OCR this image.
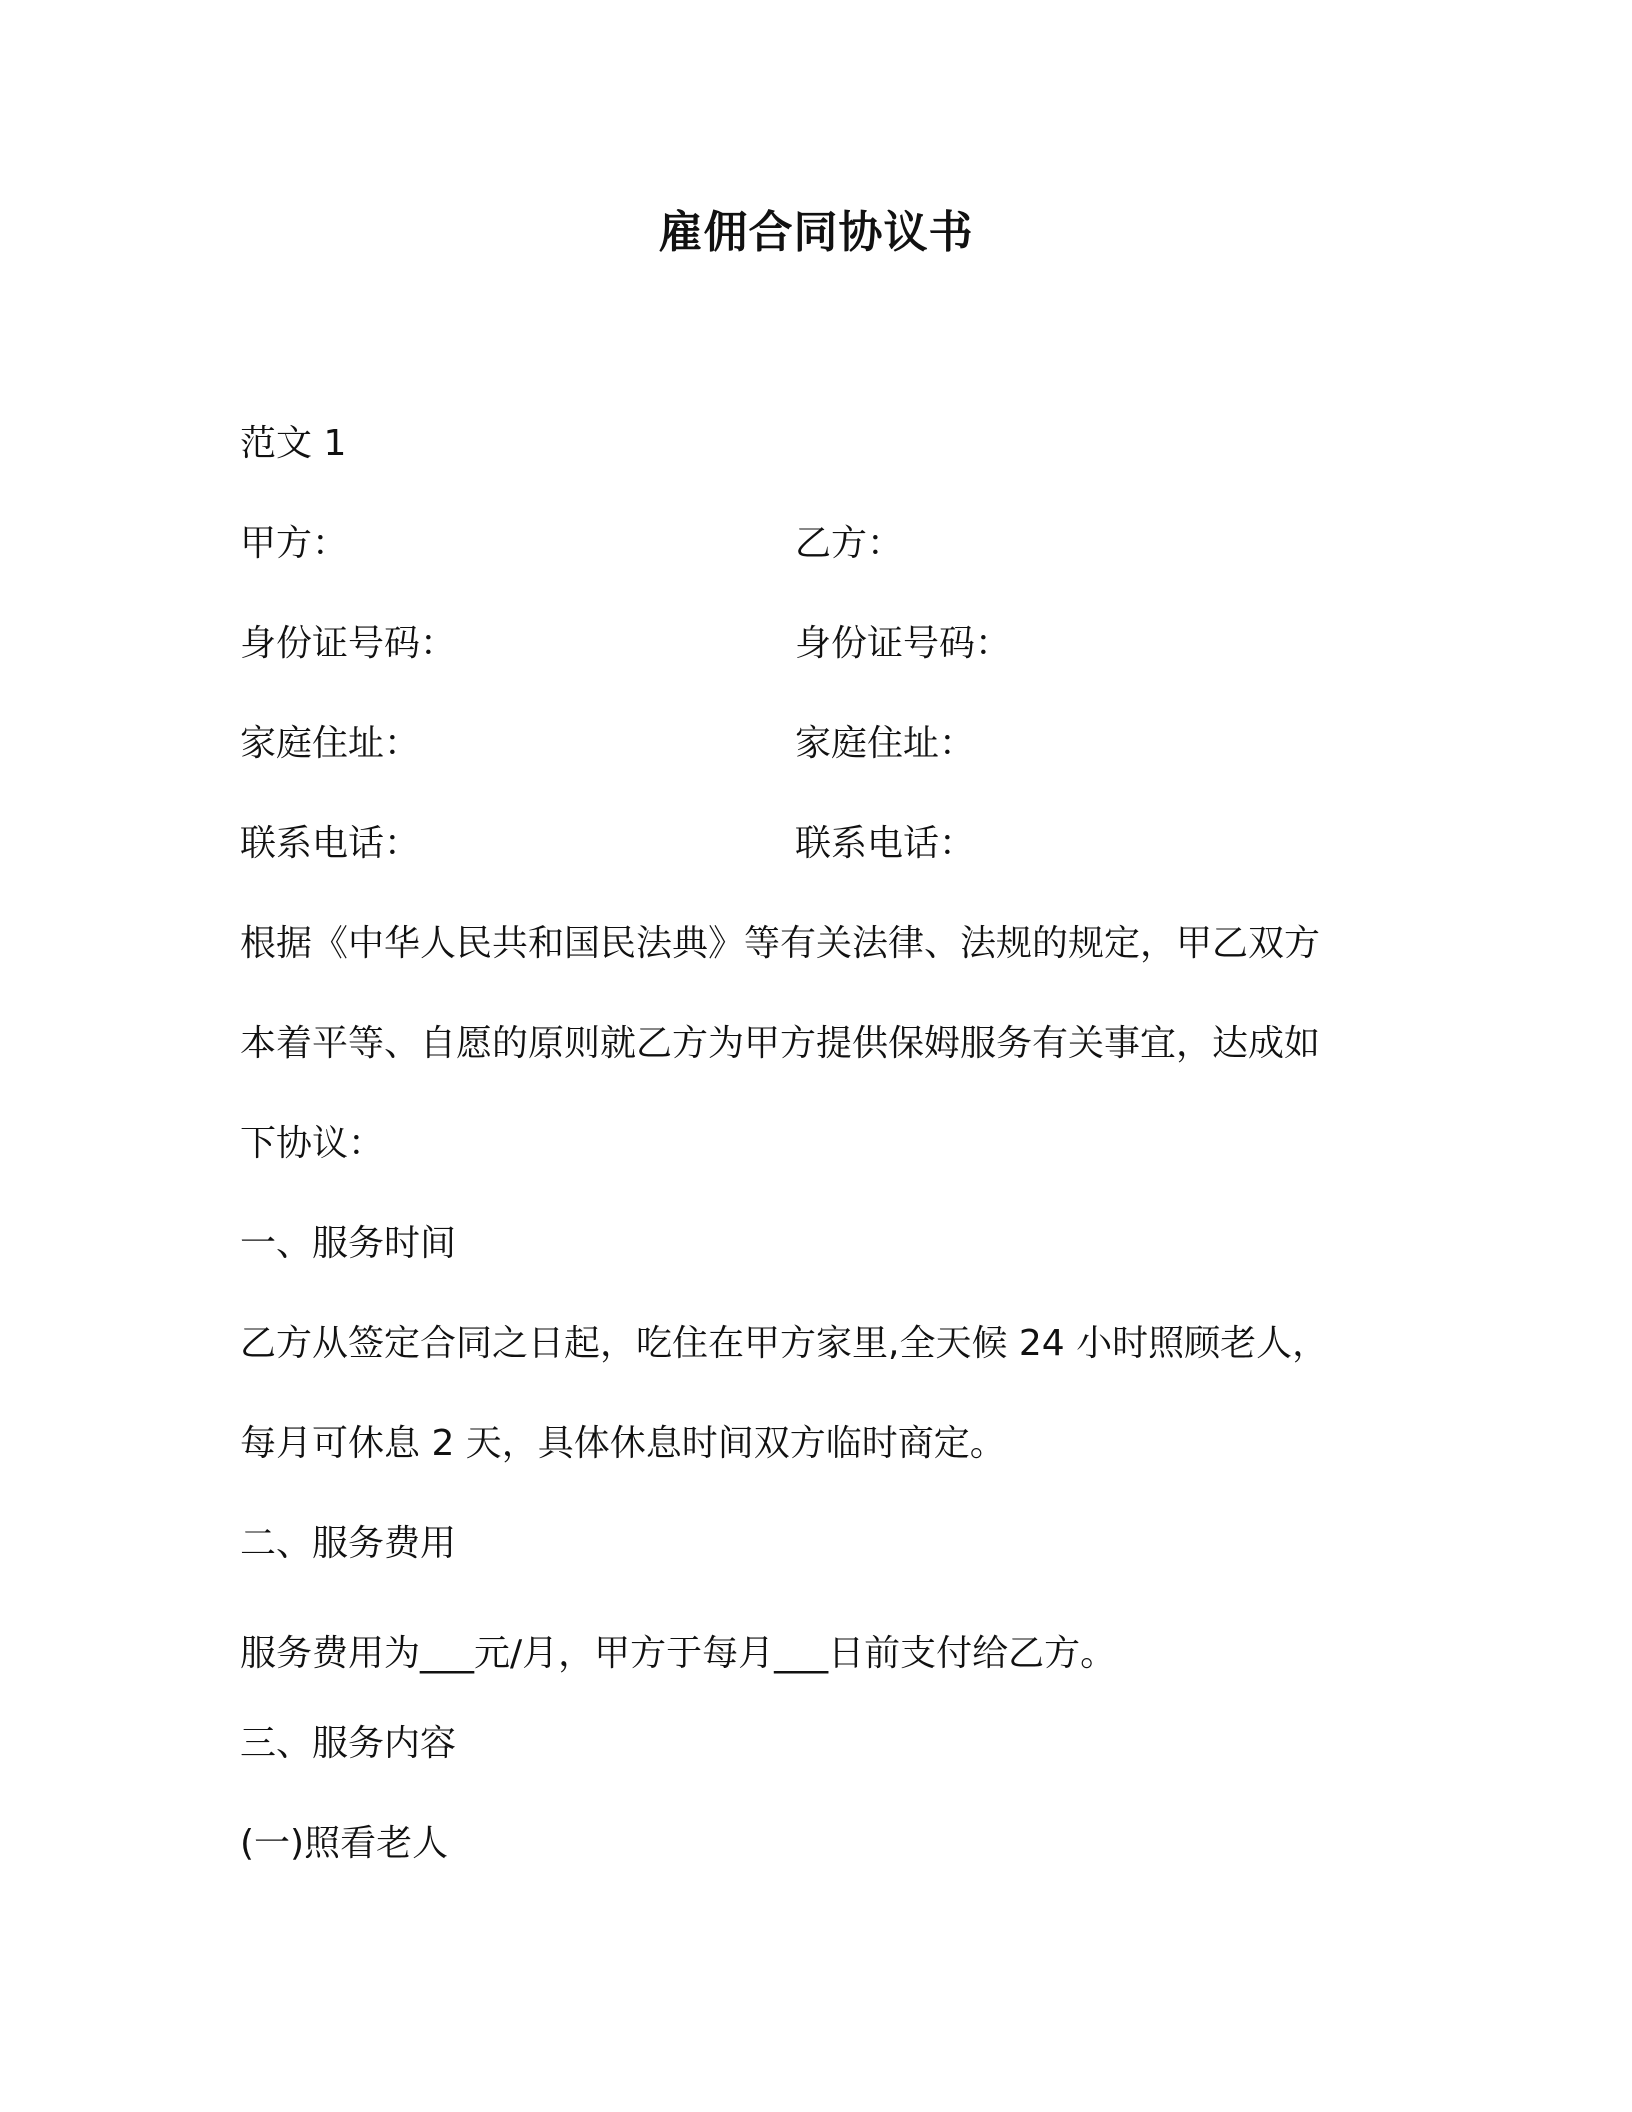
雇佣合同协议书
范文 1
甲方：	乙方：
身份证号码：	身份证号码：
家庭住址：	家庭住址：
联系电话：	联系电话：
根据《中华人民共和国民法典》等有关法律、法规的规定，甲乙双方
本着平等、自愿的原则就乙方为甲方提供保姆服务有关事宜，达成如
下协议：
一、服务时间
乙方从签定合同之日起，吃住在甲方家里,全天候 24 小时照顾老人，
每月可休息 2 天，具体休息时间双方临时商定。
二、服务费用
服务费用为___元/月，甲方于每月___日前支付给乙方。
三、服务内容
(一)照看老人
